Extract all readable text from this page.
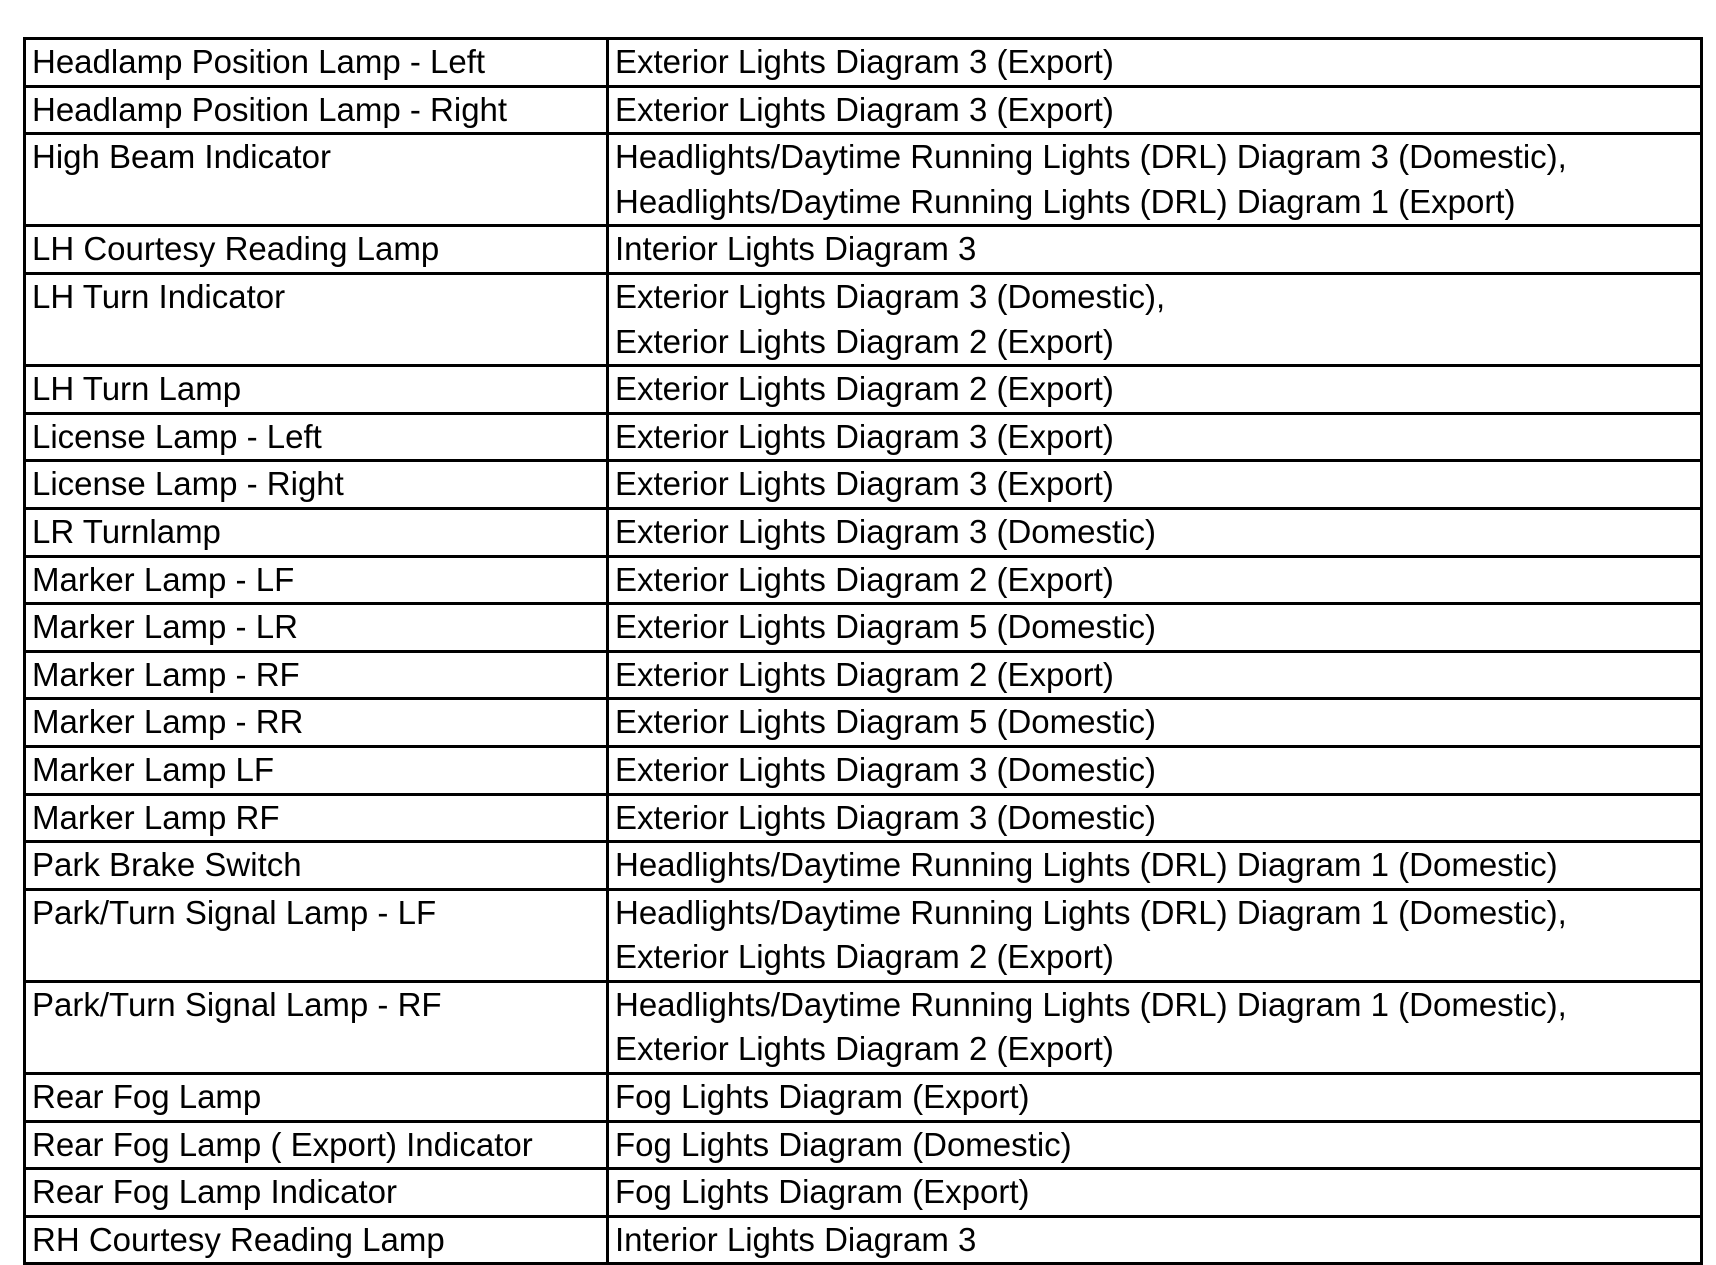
Headlamp Position Lamp - Left	Exterior Lights Diagram 3 (Export)

Headlamp Position Lamp - Right	Exterior Lights Diagram 3 (Export)

High Beam Indicator	Headlights/Daytime Running Lights (DRL) Diagram 3 (Domestic),
Headlights/Daytime Running Lights (DRL) Diagram 1 (Export)

LH Courtesy Reading Lamp	Interior Lights Diagram 3

LH Turn Indicator	Exterior Lights Diagram 3 (Domestic),
Exterior Lights Diagram 2 (Export)

LH Turn Lamp	Exterior Lights Diagram 2 (Export)

License Lamp - Left	Exterior Lights Diagram 3 (Export)

License Lamp - Right	Exterior Lights Diagram 3 (Export)

LR Turnlamp	Exterior Lights Diagram 3 (Domestic)

Marker Lamp - LF	Exterior Lights Diagram 2 (Export)

Marker Lamp - LR	Exterior Lights Diagram 5 (Domestic)

Marker Lamp - RF	Exterior Lights Diagram 2 (Export)

Marker Lamp - RR	Exterior Lights Diagram 5 (Domestic)

Marker Lamp LF	Exterior Lights Diagram 3 (Domestic)

Marker Lamp RF	Exterior Lights Diagram 3 (Domestic)

Park Brake Switch	Headlights/Daytime Running Lights (DRL) Diagram 1 (Domestic)

Park/Turn Signal Lamp - LF	Headlights/Daytime Running Lights (DRL) Diagram 1 (Domestic),
Exterior Lights Diagram 2 (Export)

Park/Turn Signal Lamp - RF	Headlights/Daytime Running Lights (DRL) Diagram 1 (Domestic),
Exterior Lights Diagram 2 (Export)

Rear Fog Lamp	Fog Lights Diagram (Export)

Rear Fog Lamp ( Export) Indicator	Fog Lights Diagram (Domestic)

Rear Fog Lamp Indicator	Fog Lights Diagram (Export)

RH Courtesy Reading Lamp	Interior Lights Diagram 3
